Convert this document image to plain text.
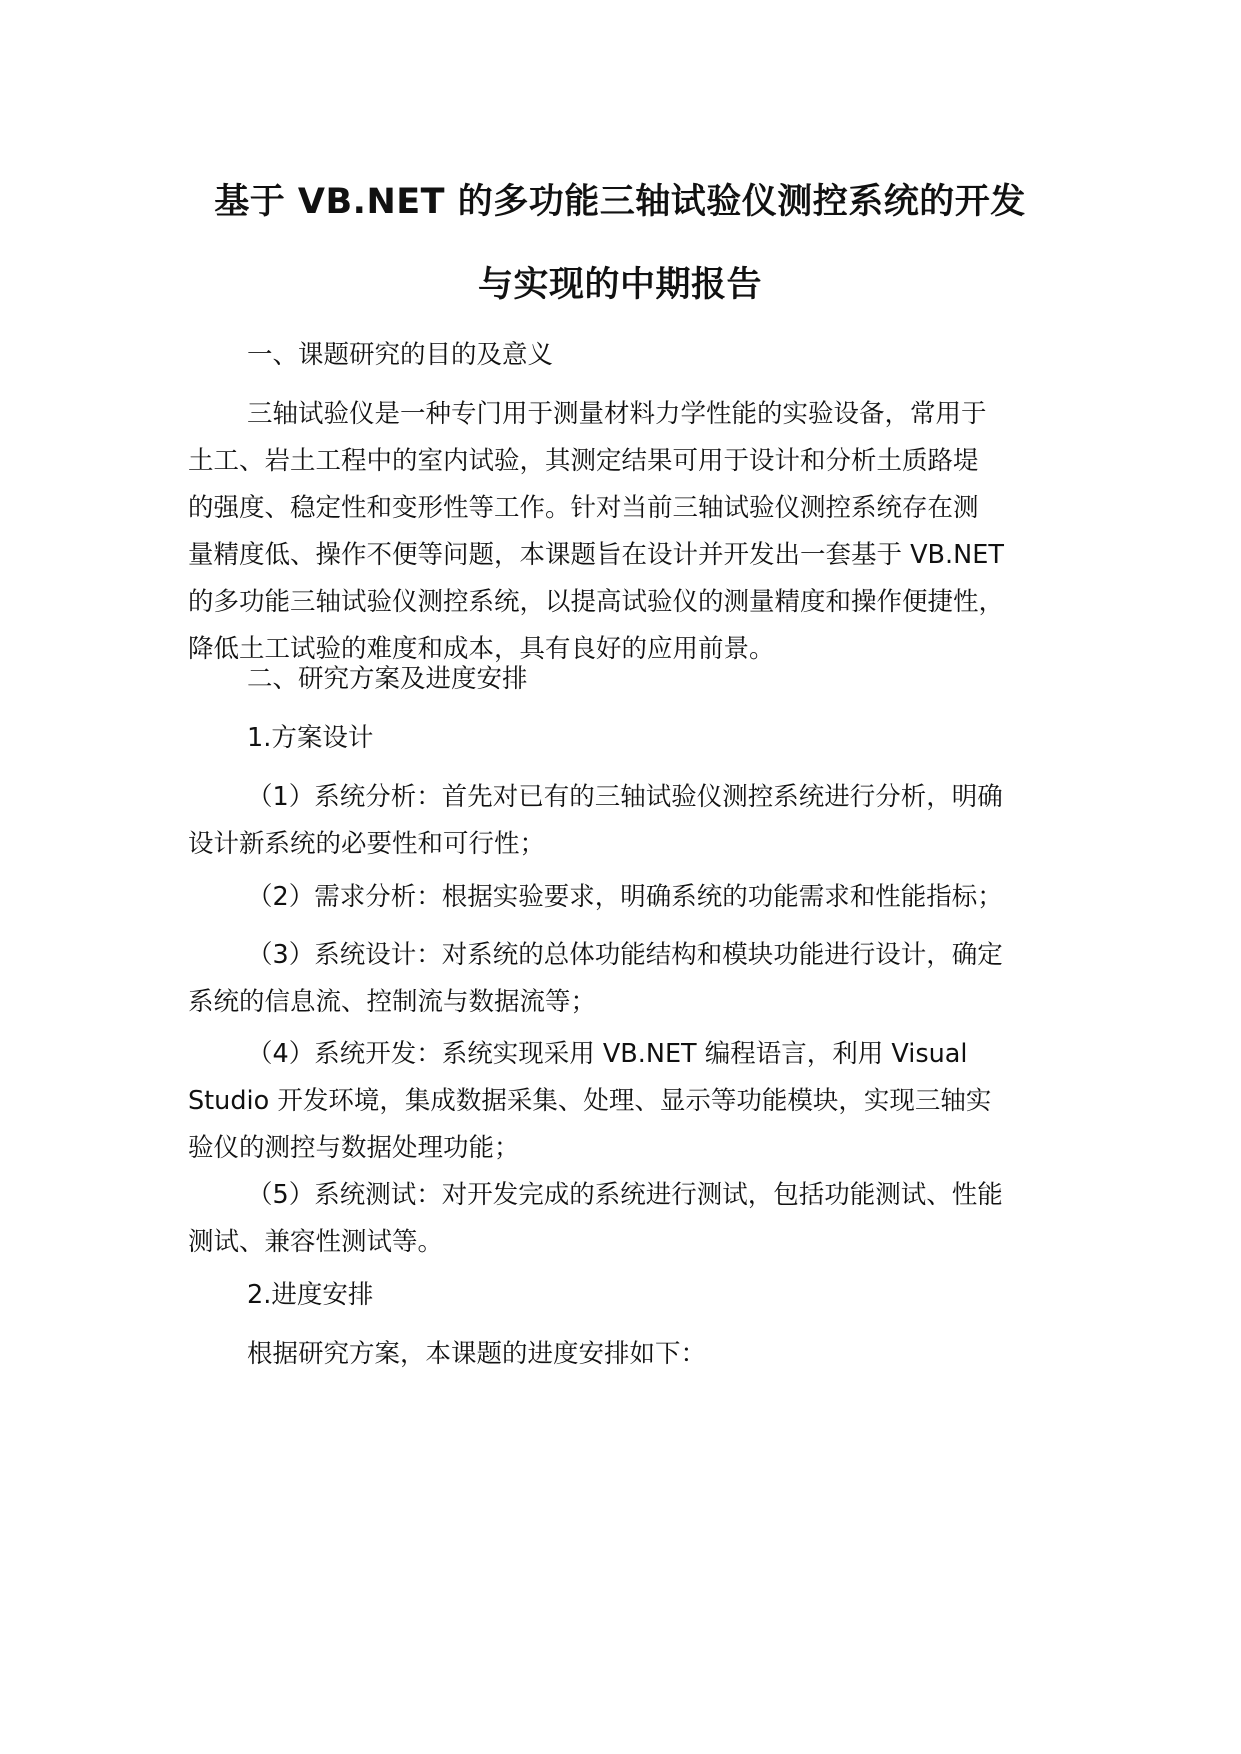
基于 VB.NET 的多功能三轴试验仪测控系统的开发
与实现的中期报告
一、课题研究的目的及意义
三轴试验仪是一种专门用于测量材料力学性能的实验设备，常用于
土工、岩土工程中的室内试验，其测定结果可用于设计和分析土质路堤
的强度、稳定性和变形性等工作。针对当前三轴试验仪测控系统存在测
量精度低、操作不便等问题，本课题旨在设计并开发出一套基于 VB.NET
的多功能三轴试验仪测控系统，以提高试验仪的测量精度和操作便捷性，
降低土工试验的难度和成本，具有良好的应用前景。
二、研究方案及进度安排
1.方案设计
（1）系统分析：首先对已有的三轴试验仪测控系统进行分析，明确
设计新系统的必要性和可行性；
（2）需求分析：根据实验要求，明确系统的功能需求和性能指标；
（3）系统设计：对系统的总体功能结构和模块功能进行设计，确定
系统的信息流、控制流与数据流等；
（4）系统开发：系统实现采用 VB.NET 编程语言，利用 Visual
Studio 开发环境，集成数据采集、处理、显示等功能模块，实现三轴实
验仪的测控与数据处理功能；
（5）系统测试：对开发完成的系统进行测试，包括功能测试、性能
测试、兼容性测试等。
2.进度安排
根据研究方案，本课题的进度安排如下：
